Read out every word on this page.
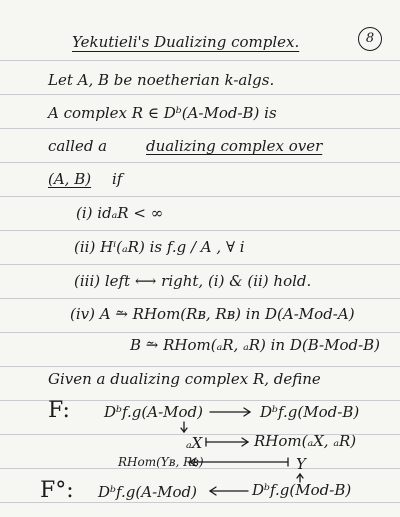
Yekutieli's Dualizing complex.	8
Let A, B be noetherian k-algs.
A complex R ∈ Dᵇ(A-Mod-B) is
called a	dualizing complex over
(A, B) if
(i) idₐR < ∞
(ii) Hⁱ(ₐR) is f.g / A , ∀ i
(iii) left ⟷ right, (i) & (ii) hold.
(iv) A ⥲ RHom(Rʙ, Rʙ) in D(A-Mod-A)
B ⥲ RHom(ₐR, ₐR) in D(B-Mod-B)
Given a dualizing complex R, define
F: Dᵇf.g(A-Mod)	Dᵇf.g(Mod-B)
ₐX	RHom(ₐX, ₐR)
RHom(Yʙ, Rʙ)	Y
F°: Dᵇf.g(A-Mod)	Dᵇf.g(Mod-B)
